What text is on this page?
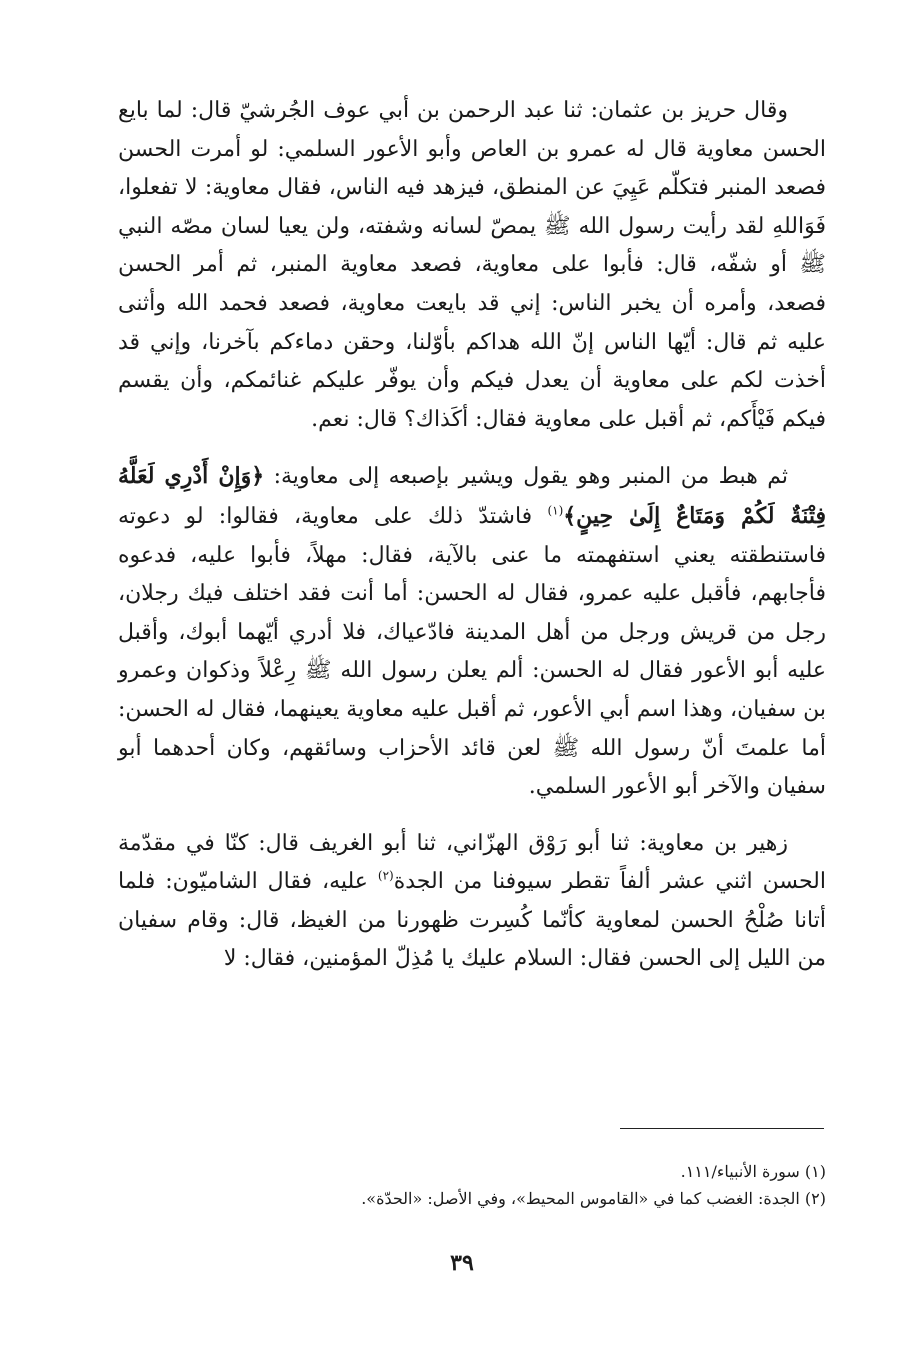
وقال حريز بن عثمان: ثنا عبد الرحمن بن أبي عوف الجُرشيّ قال: لما بايع الحسن معاوية قال له عمرو بن العاص وأبو الأعور السلمي: لو أمرت الحسن فصعد المنبر فتكلّم عَيِيَ عن المنطق، فيزهد فيه الناس، فقال معاوية: لا تفعلوا، فَوَاللهِ لقد رأيت رسول الله ﷺ يمصّ لسانه وشفته، ولن يعيا لسان مصّه النبي ﷺ أو شفّه، قال: فأبوا على معاوية، فصعد معاوية المنبر، ثم أمر الحسن فصعد، وأمره أن يخبر الناس: إني قد بايعت معاوية، فصعد فحمد الله وأثنى عليه ثم قال: أيّها الناس إنّ الله هداكم بأوّلنا، وحقن دماءكم بآخرنا، وإني قد أخذت لكم على معاوية أن يعدل فيكم وأن يوفّر عليكم غنائمكم، وأن يقسم فيكم فَيْأَكم، ثم أقبل على معاوية فقال: أكَذاك؟ قال: نعم.

ثم هبط من المنبر وهو يقول ويشير بإصبعه إلى معاوية: ﴿وَإِنْ أَدْرِي لَعَلَّهُ فِتْنَةٌ لَكُمْ وَمَتَاعٌ إِلَىٰ حِينٍ﴾$^{(١)}$ فاشتدّ ذلك على معاوية، فقالوا: لو دعوته فاستنطقته يعني استفهمته ما عنى بالآية، فقال: مهلاً، فأبوا عليه، فدعوه فأجابهم، فأقبل عليه عمرو، فقال له الحسن: أما أنت فقد اختلف فيك رجلان، رجل من قريش ورجل من أهل المدينة فادّعياك، فلا أدري أيّهما أبوك، وأقبل عليه أبو الأعور فقال له الحسن: ألم يعلن رسول الله ﷺ رِعْلاً وذكوان وعمرو بن سفيان، وهذا اسم أبي الأعور، ثم أقبل عليه معاوية يعينهما، فقال له الحسن: أما علمتَ أنّ رسول الله ﷺ لعن قائد الأحزاب وسائقهم، وكان أحدهما أبو سفيان والآخر أبو الأعور السلمي.

زهير بن معاوية: ثنا أبو رَوْق الهزّاني، ثنا أبو الغريف قال: كنّا في مقدّمة الحسن اثني عشر ألفاً تقطر سيوفنا من الجدة$^{(٢)}$ عليه، فقال الشاميّون: فلما أتانا صُلْحُ الحسن لمعاوية كأنّما كُسِرت ظهورنا من الغيظ، قال: وقام سفيان من الليل إلى الحسن فقال: السلام عليك يا مُذِلّ المؤمنين، فقال: لا

(١) سورة الأنبياء/١١١.

(٢) الجدة: الغضب كما في «القاموس المحيط»، وفي الأصل: «الحدّة».

٣٩
